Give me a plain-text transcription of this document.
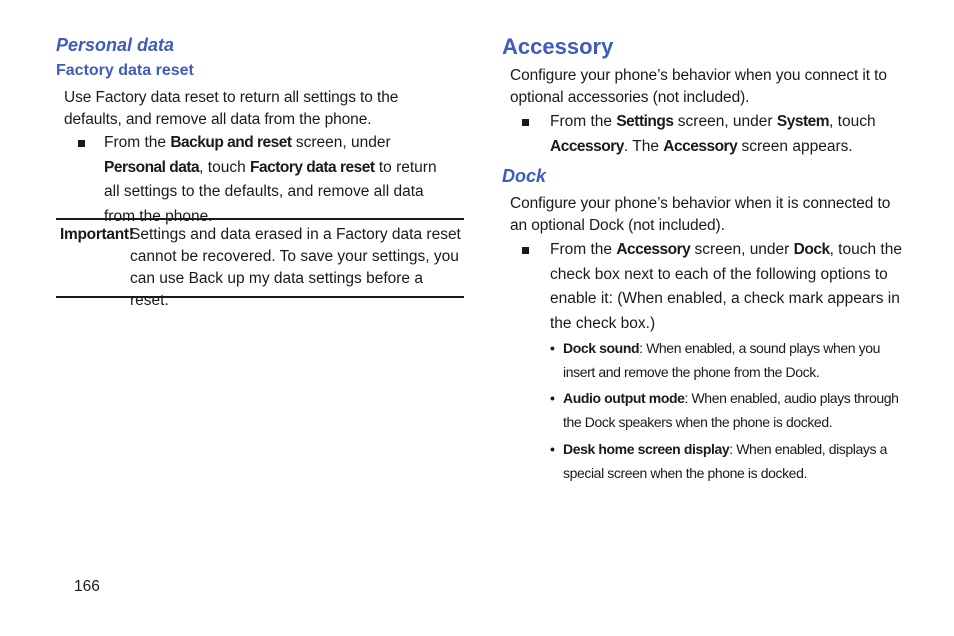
Personal data
Factory data reset

Use Factory data reset to return all settings to the defaults, and remove all data from the phone.

From the Backup and reset screen, under Personal data, touch Factory data reset to return all settings to the defaults, and remove all data from the phone.
Important!
Settings and data erased in a Factory data reset cannot be recovered. To save your settings, you can use Back up my data settings before a reset.
166
Accessory

Configure your phone’s behavior when you connect it to optional accessories (not included).

From the Settings screen, under System, touch Accessory. The Accessory screen appears.
Dock

Configure your phone’s behavior when it is connected to an optional Dock (not included).

From the Accessory screen, under Dock, touch the check box next to each of the following options to enable it: (When enabled, a check mark appears in the check box.)
• Dock sound: When enabled, a sound plays when you insert and remove the phone from the Dock.
• Audio output mode: When enabled, audio plays through the Dock speakers when the phone is docked.
• Desk home screen display: When enabled, displays a special screen when the phone is docked.
